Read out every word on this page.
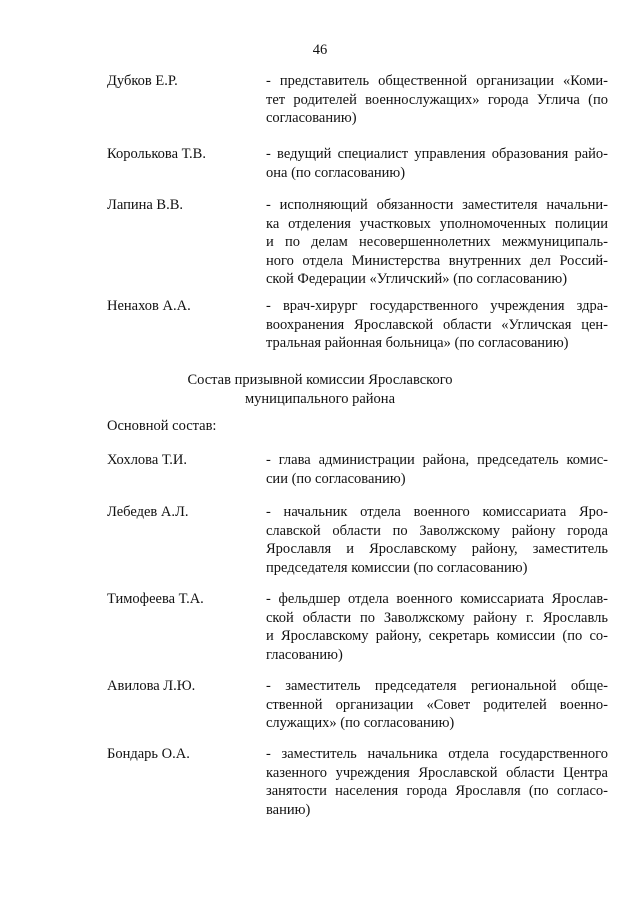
46
Дубков Е.Р.	- представитель общественной организации «Коми-
тет родителей военнослужащих» города Углича (по
согласованию)
Королькова Т.В.	- ведущий специалист управления образования райо-
она (по согласованию)
Лапина В.В.	- исполняющий обязанности заместителя начальни-
ка отделения участковых уполномоченных полиции
и по делам несовершеннолетних межмуниципаль-
ного отдела Министерства внутренних дел Россий-
ской Федерации «Угличский» (по согласованию)
Ненахов А.А.	- врач-хирург государственного учреждения здра-
воохранения Ярославской области «Угличская цен-
тральная районная больница» (по согласованию)
Состав призывной комиссии Ярославского
муниципального района
Основной состав:
Хохлова Т.И.	- глава администрации района, председатель комис-
сии (по согласованию)
Лебедев А.Л.	- начальник отдела военного комиссариата Яро-
славской области по Заволжскому району города
Ярославля и Ярославскому району, заместитель
председателя комиссии (по согласованию)
Тимофеева Т.А.	- фельдшер отдела военного комиссариата Ярослав-
ской области по Заволжскому району г. Ярославль
и Ярославскому району, секретарь комиссии (по со-
гласованию)
Авилова Л.Ю.	- заместитель председателя региональной обще-
ственной организации «Совет родителей военно-
служащих» (по согласованию)
Бондарь О.А.	- заместитель начальника отдела государственного
казенного учреждения Ярославской области Центра
занятости населения города Ярославля (по согласо-
ванию)
